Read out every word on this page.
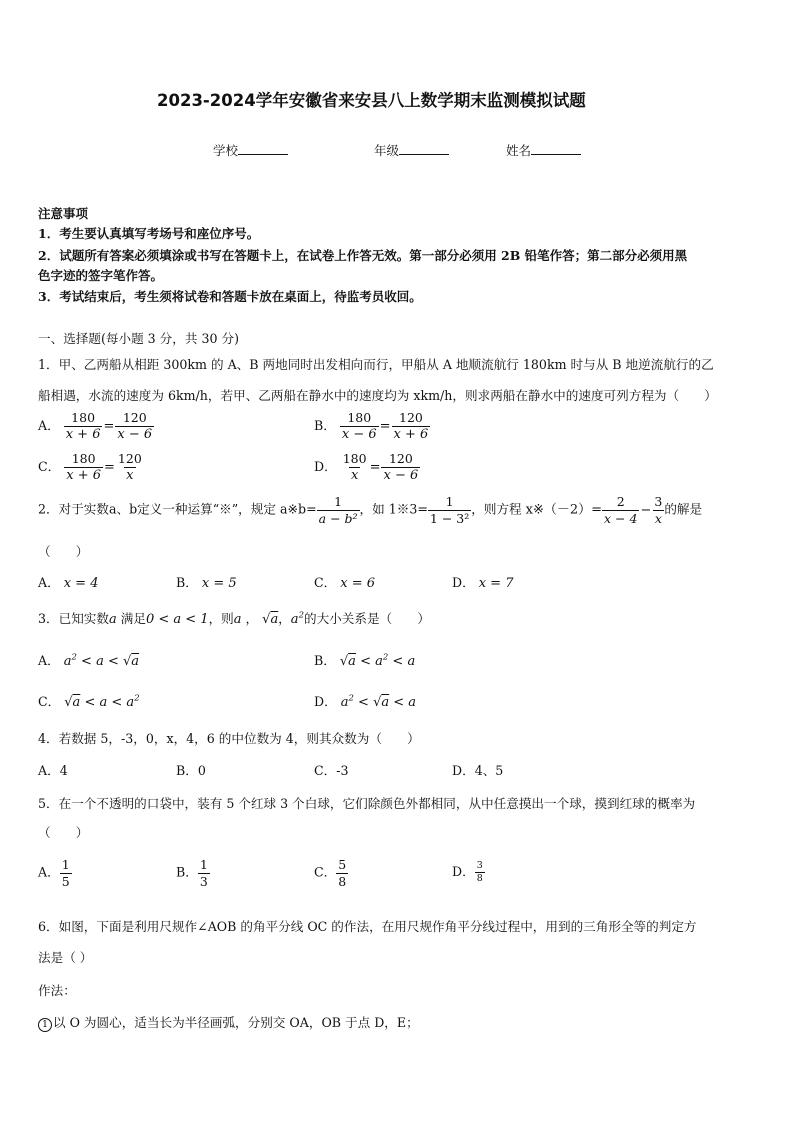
2023-2024学年安徽省来安县八上数学期末监测模拟试题
学校	年级	姓名
注意事项
1．考生要认真填写考场号和座位序号。
2．试题所有答案必须填涂或书写在答题卡上，在试卷上作答无效。第一部分必须用 2B 铅笔作答；第二部分必须用黑
色字迹的签字笔作答。
3．考试结束后，考生须将试卷和答题卡放在桌面上，待监考员收回。
一、选择题(每小题 3 分，共 30 分)
1．甲、乙两船从相距 300km 的 A、B 两地同时出发相向而行，甲船从 A 地顺流航行 180km 时与从 B 地逆流航行的乙
船相遇，水流的速度为 6km/h，若甲、乙两船在静水中的速度均为 xkm/h，则求两船在静水中的速度可列方程为（　　）
A． $\frac{180}{x + 6} = \frac{120}{x - 6}$	B． $\frac{180}{x - 6} = \frac{120}{x + 6}$
C． $\frac{180}{x + 6} = \frac{120}{x}$	D． $\frac{180}{x} = \frac{120}{x - 6}$
2．对于实数a、b定义一种运算“※”，规定 a※b= $\frac{1}{\text{a − b²}}$ ，如 1※3= $\frac{1}{\text{1 − 3²}}$ ，则方程 x※（－2）= $\frac{2}{x - 4} - \frac{3}{x}$ 的解是
（　　）
A． x = 4	B． x = 5	C． x = 6	D． x = 7
3．已知实数a 满足0 < a < 1，则a ， √a，$a^2$的大小关系是（　　）
A． $a^2 < a < √a$	B． $√a < a^2 < a$
C． $√a < a < a^2$	D． $a^2 < √a < a$
4．若数据 5，-3，0，x，4，6 的中位数为 4，则其众数为（　　）
A．4	B．0	C．-3	D．4、5
5．在一个不透明的口袋中，装有 5 个红球 3 个白球，它们除颜色外都相同，从中任意摸出一个球，摸到红球的概率为
（　　）
A． $\frac{1}{5}$	B． $\frac{1}{3}$	C． $\frac{5}{8}$	D． $\frac{3}{8}$
6．如图，下面是利用尺规作∠AOB 的角平分线 OC 的作法，在用尺规作角平分线过程中，用到的三角形全等的判定方
法是（ ）
作法：
1 以 O 为圆心，适当长为半径画弧，分别交 OA，OB 于点 D，E；
